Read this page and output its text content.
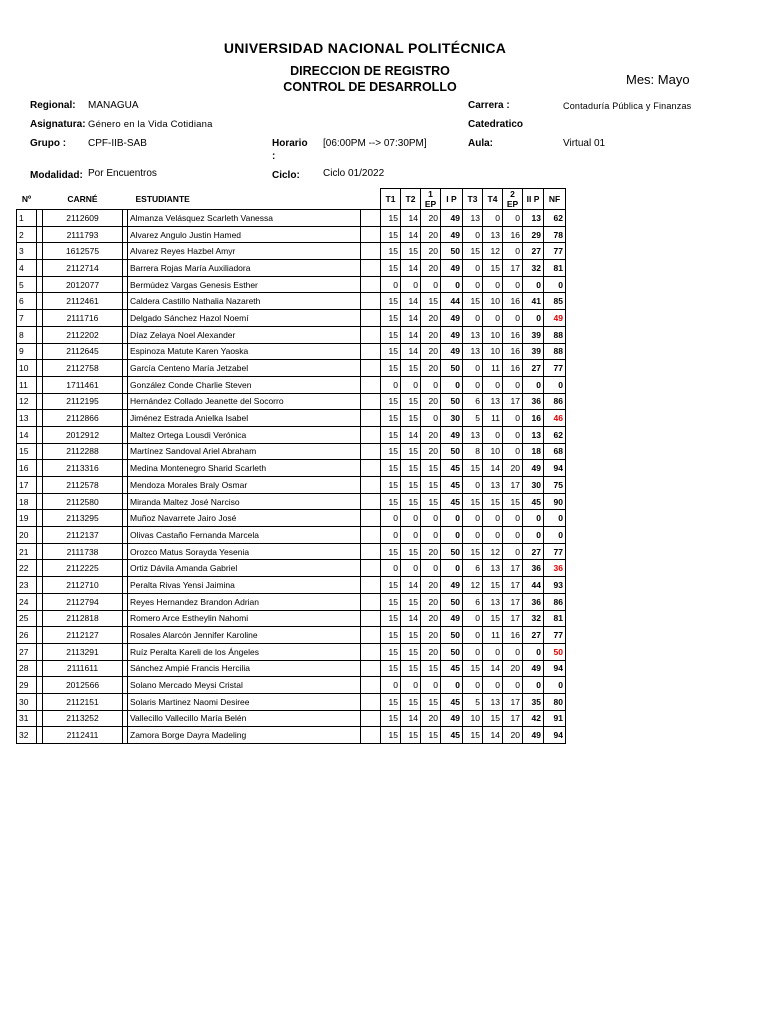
UNIVERSIDAD NACIONAL POLITÉCNICA
DIRECCION DE REGISTRO
CONTROL DE DESARROLLO	Mes: Mayo
Regional: MANAGUA
Asignatura: Género en la Vida Cotidiana
Grupo : CPF-IIB-SAB	Horario
:
[06:00PM --> 07:30PM]
Modalidad: Por Encuentros	Ciclo: Ciclo 01/2022
Carrera :	Contaduría Pública y Finanzas
Catedratico
Aula:	Virtual 01
Nº		CARNÉ		ESTUDIANTE		T1	T2	1 EP	I P	T3	T4	2 EP	II P	NF
1		2112609		Almanza Velásquez Scarleth Vanessa		15	14	20	49	13	0	0	13	62
2		2111793		Alvarez Angulo Justin Hamed		15	14	20	49	0	13	16	29	78
3		1612575		Alvarez Reyes Hazbel Amyr		15	15	20	50	15	12	0	27	77
4		2112714		Barrera Rojas María Auxiliadora		15	14	20	49	0	15	17	32	81
5		2012077		Bermúdez Vargas Genesis Esther		0	0	0	0	0	0	0	0	0
6		2112461		Caldera Castillo Nathalia Nazareth		15	14	15	44	15	10	16	41	85
7		2111716		Delgado Sánchez Hazol Noemí		15	14	20	49	0	0	0	0	49
8		2112202		Díaz Zelaya Noel Alexander		15	14	20	49	13	10	16	39	88
9		2112645		Espinoza Matute Karen Yaoska		15	14	20	49	13	10	16	39	88
10		2112758		García Centeno María Jetzabel		15	15	20	50	0	11	16	27	77
11		1711461		González Conde Charlie Steven		0	0	0	0	0	0	0	0	0
12		2112195		Hernández Collado Jeanette del Socorro		15	15	20	50	6	13	17	36	86
13		2112866		Jiménez Estrada Anielka Isabel		15	15	0	30	5	11	0	16	46
14		2012912		Maltez Ortega Lousdi Verónica		15	14	20	49	13	0	0	13	62
15		2112288		Martínez Sandoval Ariel Abraham		15	15	20	50	8	10	0	18	68
16		2113316		Medina Montenegro Sharid Scarleth		15	15	15	45	15	14	20	49	94
17		2112578		Mendoza Morales Braly Osmar		15	15	15	45	0	13	17	30	75
18		2112580		Miranda Maltez José Narciso		15	15	15	45	15	15	15	45	90
19		2113295		Muñoz Navarrete Jairo José		0	0	0	0	0	0	0	0	0
20		2112137		Olivas Castaño Fernanda Marcela		0	0	0	0	0	0	0	0	0
21		2111738		Orozco Matus Sorayda Yesenia		15	15	20	50	15	12	0	27	77
22		2112225		Ortiz Dávila Amanda Gabriel		0	0	0	0	6	13	17	36	36
23		2112710		Peralta Rivas Yensi Jaimina		15	14	20	49	12	15	17	44	93
24		2112794		Reyes Hernandez Brandon Adrian		15	15	20	50	6	13	17	36	86
25		2112818		Romero Arce Estheylin Nahomi		15	14	20	49	0	15	17	32	81
26		2112127		Rosales Alarcón Jennifer Karoline		15	15	20	50	0	11	16	27	77
27		2113291		Ruíz Peralta Kareli de los Ángeles		15	15	20	50	0	0	0	0	50
28		2111611		Sánchez Ampié Francis Hercilia		15	15	15	45	15	14	20	49	94
29		2012566		Solano Mercado Meysi Cristal		0	0	0	0	0	0	0	0	0
30		2112151		Solaris Martinez Naomi Desiree		15	15	15	45	5	13	17	35	80
31		2113252		Vallecillo Vallecillo María Belén		15	14	20	49	10	15	17	42	91
32		2112411		Zamora Borge Dayra Madeling		15	15	15	45	15	14	20	49	94
